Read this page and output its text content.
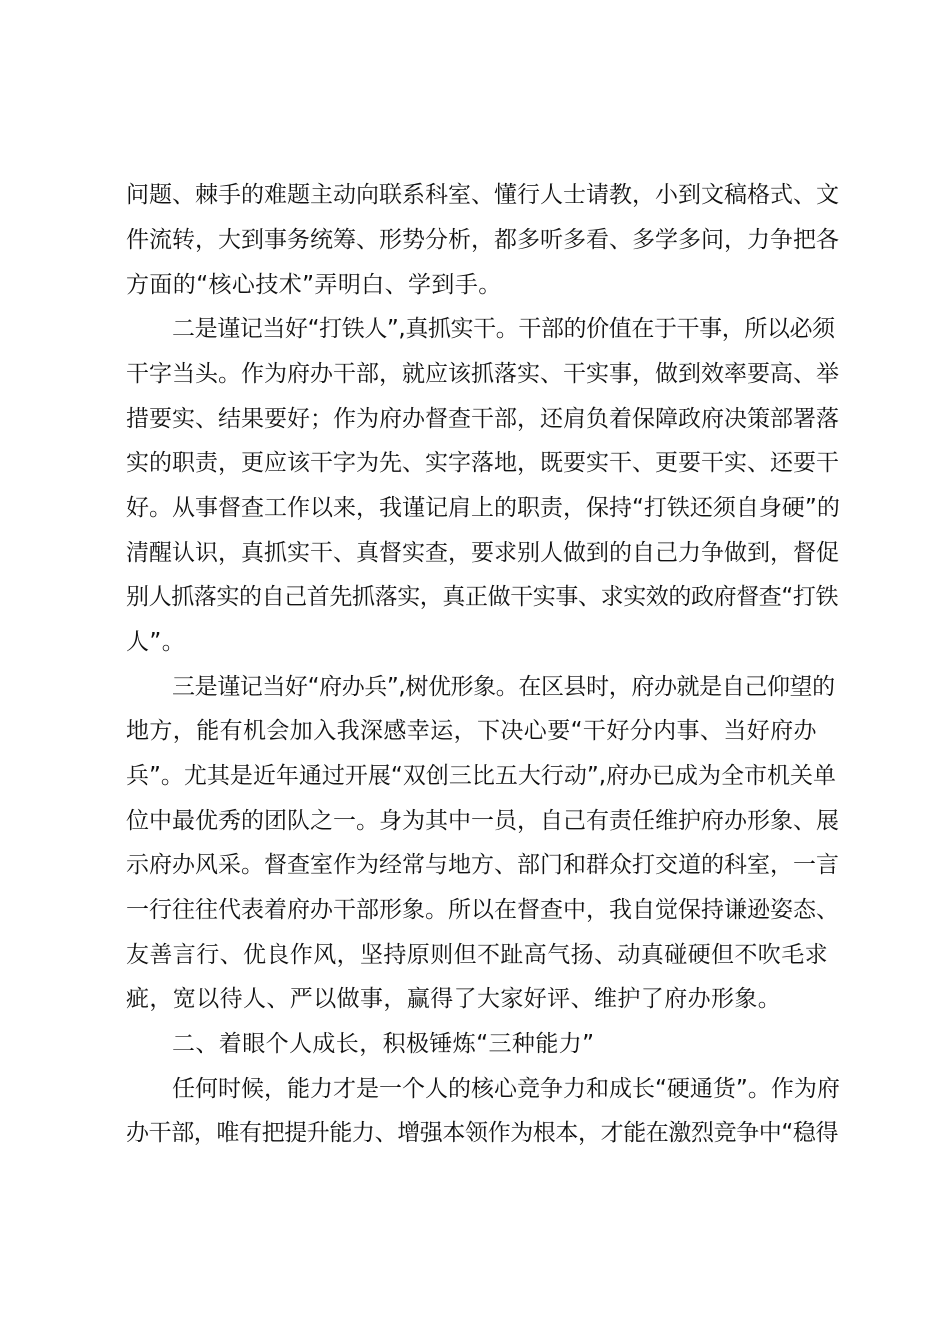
问题、棘手的难题主动向联系科室、懂行人士请教，小到文稿格式、文
件流转，大到事务统筹、形势分析，都多听多看、多学多问，力争把各
方面的“核心技术”弄明白、学到手。
二是谨记当好“打铁人”,真抓实干。干部的价值在于干事，所以必须
干字当头。作为府办干部，就应该抓落实、干实事，做到效率要高、举
措要实、结果要好；作为府办督查干部，还肩负着保障政府决策部署落
实的职责，更应该干字为先、实字落地，既要实干、更要干实、还要干
好。从事督查工作以来，我谨记肩上的职责，保持“打铁还须自身硬”的
清醒认识，真抓实干、真督实查，要求别人做到的自己力争做到，督促
别人抓落实的自己首先抓落实，真正做干实事、求实效的政府督查“打铁
人”。
三是谨记当好“府办兵”,树优形象。在区县时，府办就是自己仰望的
地方，能有机会加入我深感幸运，下决心要“干好分内事、当好府办
兵”。尤其是近年通过开展“双创三比五大行动”,府办已成为全市机关单
位中最优秀的团队之一。身为其中一员，自己有责任维护府办形象、展
示府办风采。督查室作为经常与地方、部门和群众打交道的科室，一言
一行往往代表着府办干部形象。所以在督查中，我自觉保持谦逊姿态、
友善言行、优良作风，坚持原则但不趾高气扬、动真碰硬但不吹毛求
疵，宽以待人、严以做事，赢得了大家好评、维护了府办形象。
二、着眼个人成长，积极锤炼“三种能力”
任何时候，能力才是一个人的核心竞争力和成长“硬通货”。作为府
办干部，唯有把提升能力、增强本领作为根本，才能在激烈竞争中“稳得
